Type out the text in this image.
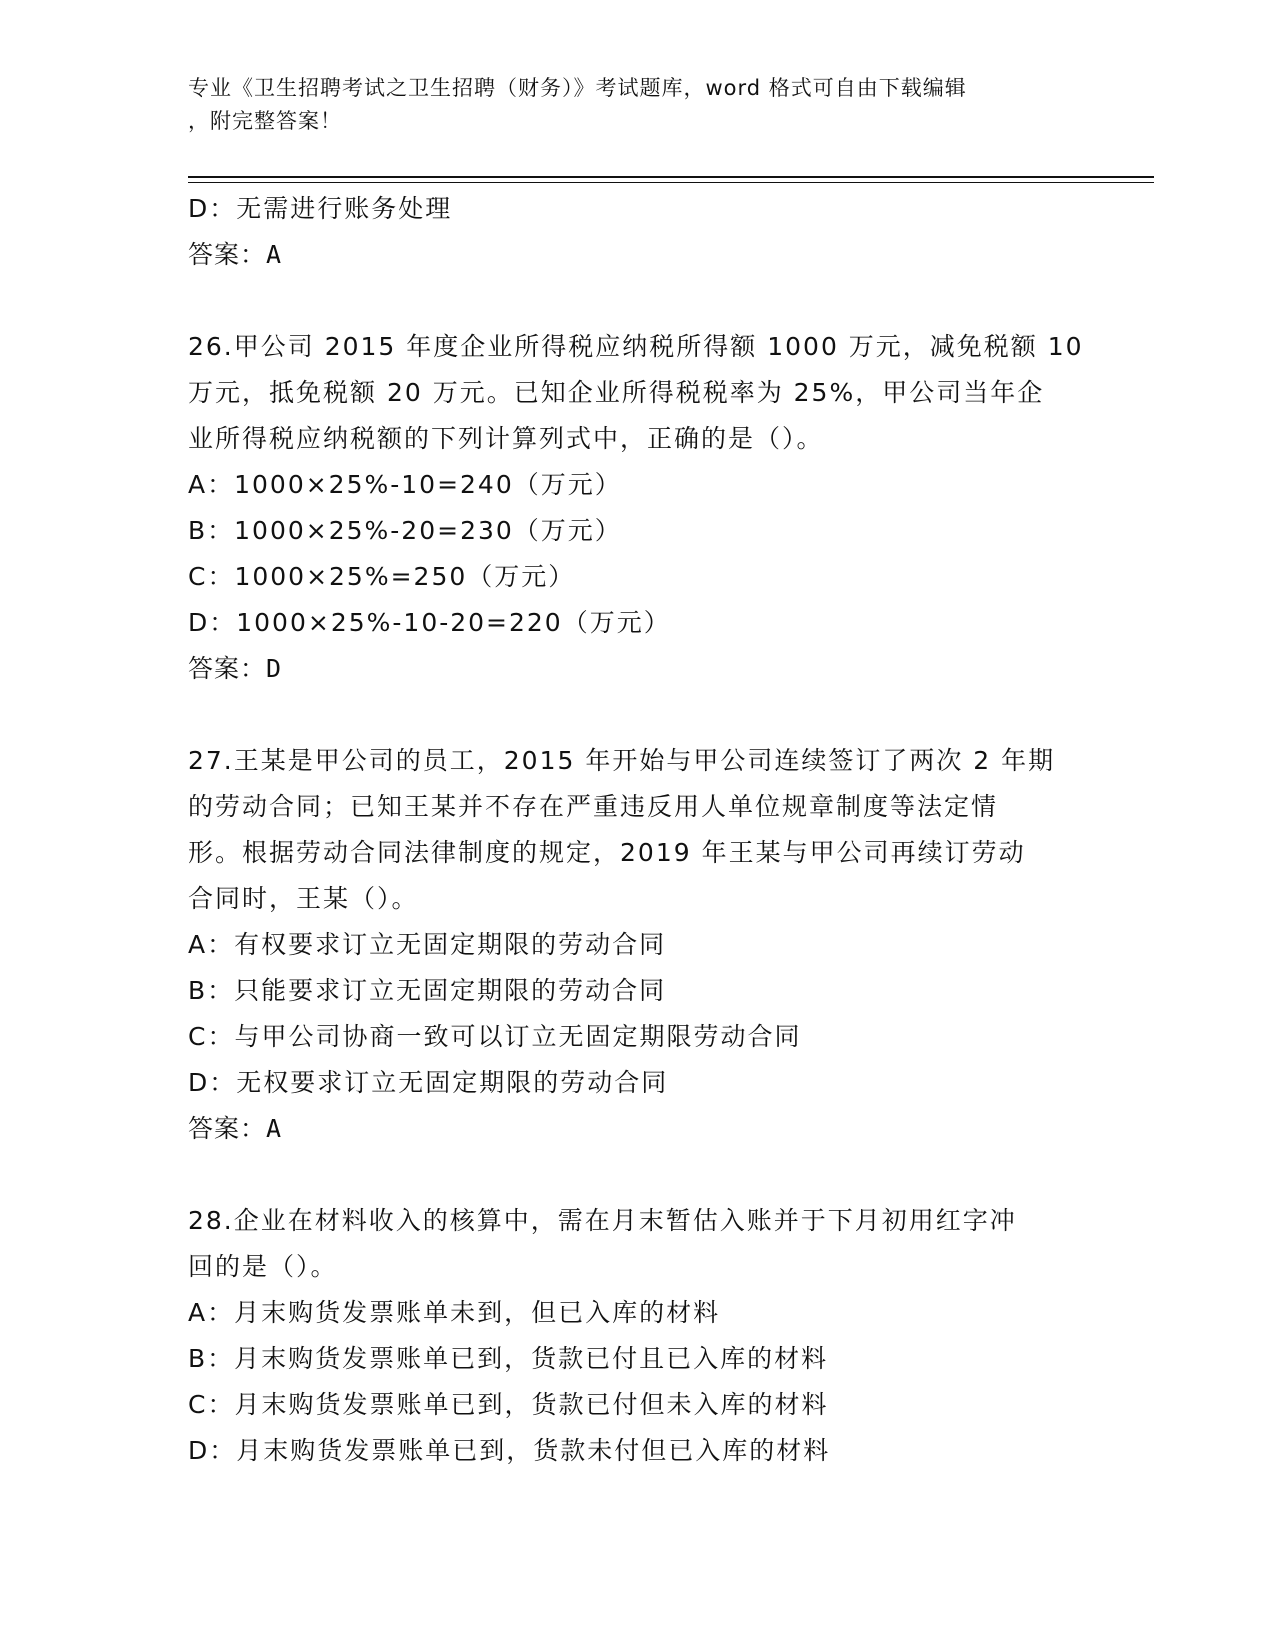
专业《卫生招聘考试之卫生招聘（财务）》考试题库，word 格式可自由下载编辑
，附完整答案！
D：无需进行账务处理
答案：A
26.甲公司 2015 年度企业所得税应纳税所得额 1000 万元，减免税额 10
万元，抵免税额 20 万元。已知企业所得税税率为 25%，甲公司当年企
业所得税应纳税额的下列计算列式中，正确的是（）。
A：1000×25%-10=240（万元）
B：1000×25%-20=230（万元）
C：1000×25%=250（万元）
D：1000×25%-10-20=220（万元）
答案：D
27.王某是甲公司的员工，2015 年开始与甲公司连续签订了两次 2 年期
的劳动合同；已知王某并不存在严重违反用人单位规章制度等法定情
形。根据劳动合同法律制度的规定，2019 年王某与甲公司再续订劳动
合同时，王某（）。
A：有权要求订立无固定期限的劳动合同
B：只能要求订立无固定期限的劳动合同
C：与甲公司协商一致可以订立无固定期限劳动合同
D：无权要求订立无固定期限的劳动合同
答案：A
28.企业在材料收入的核算中，需在月末暂估入账并于下月初用红字冲
回的是（）。
A：月末购货发票账单未到，但已入库的材料
B：月末购货发票账单已到，货款已付且已入库的材料
C：月末购货发票账单已到，货款已付但未入库的材料
D：月末购货发票账单已到，货款未付但已入库的材料
